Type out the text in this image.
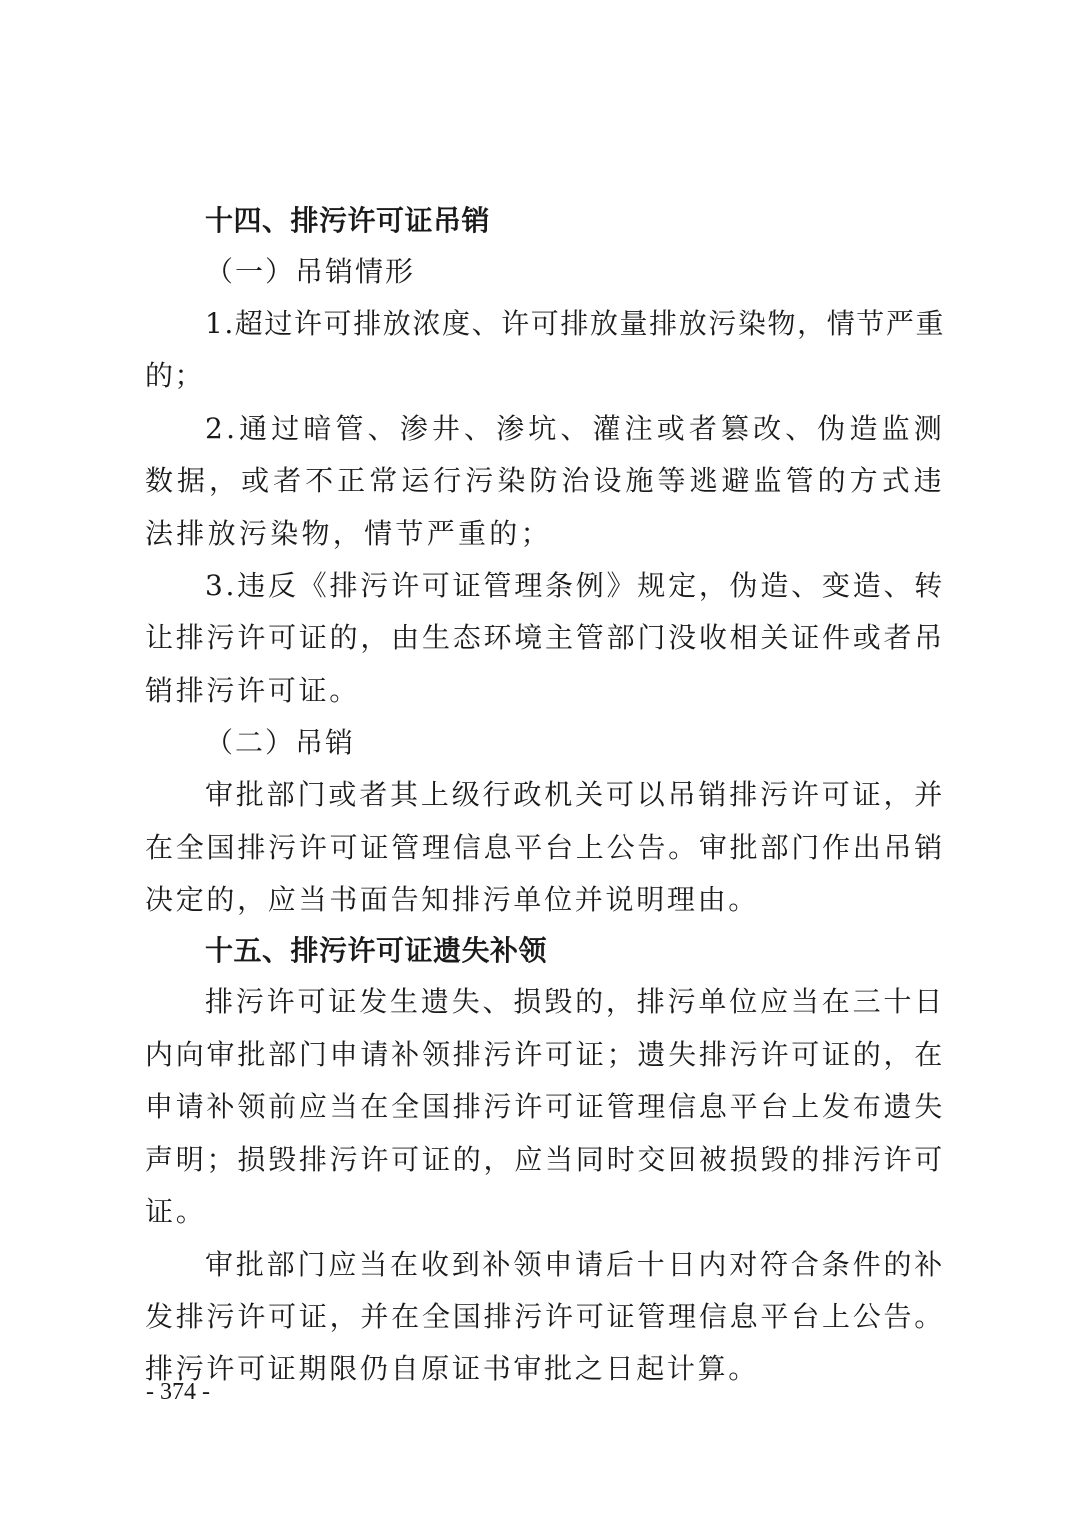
十四、排污许可证吊销

（一）吊销情形

1.超过许可排放浓度、许可排放量排放污染物，情节严重的；

2.通过暗管、渗井、渗坑、灌注或者篡改、伪造监测数据，或者不正常运行污染防治设施等逃避监管的方式违法排放污染物，情节严重的；

3.违反《排污许可证管理条例》规定，伪造、变造、转让排污许可证的，由生态环境主管部门没收相关证件或者吊销排污许可证。

（二）吊销

审批部门或者其上级行政机关可以吊销排污许可证，并在全国排污许可证管理信息平台上公告。审批部门作出吊销决定的，应当书面告知排污单位并说明理由。

十五、排污许可证遗失补领

排污许可证发生遗失、损毁的，排污单位应当在三十日内向审批部门申请补领排污许可证；遗失排污许可证的，在申请补领前应当在全国排污许可证管理信息平台上发布遗失声明；损毁排污许可证的，应当同时交回被损毁的排污许可证。

审批部门应当在收到补领申请后十日内对符合条件的补发排污许可证，并在全国排污许可证管理信息平台上公告。排污许可证期限仍自原证书审批之日起计算。

- 374 -
